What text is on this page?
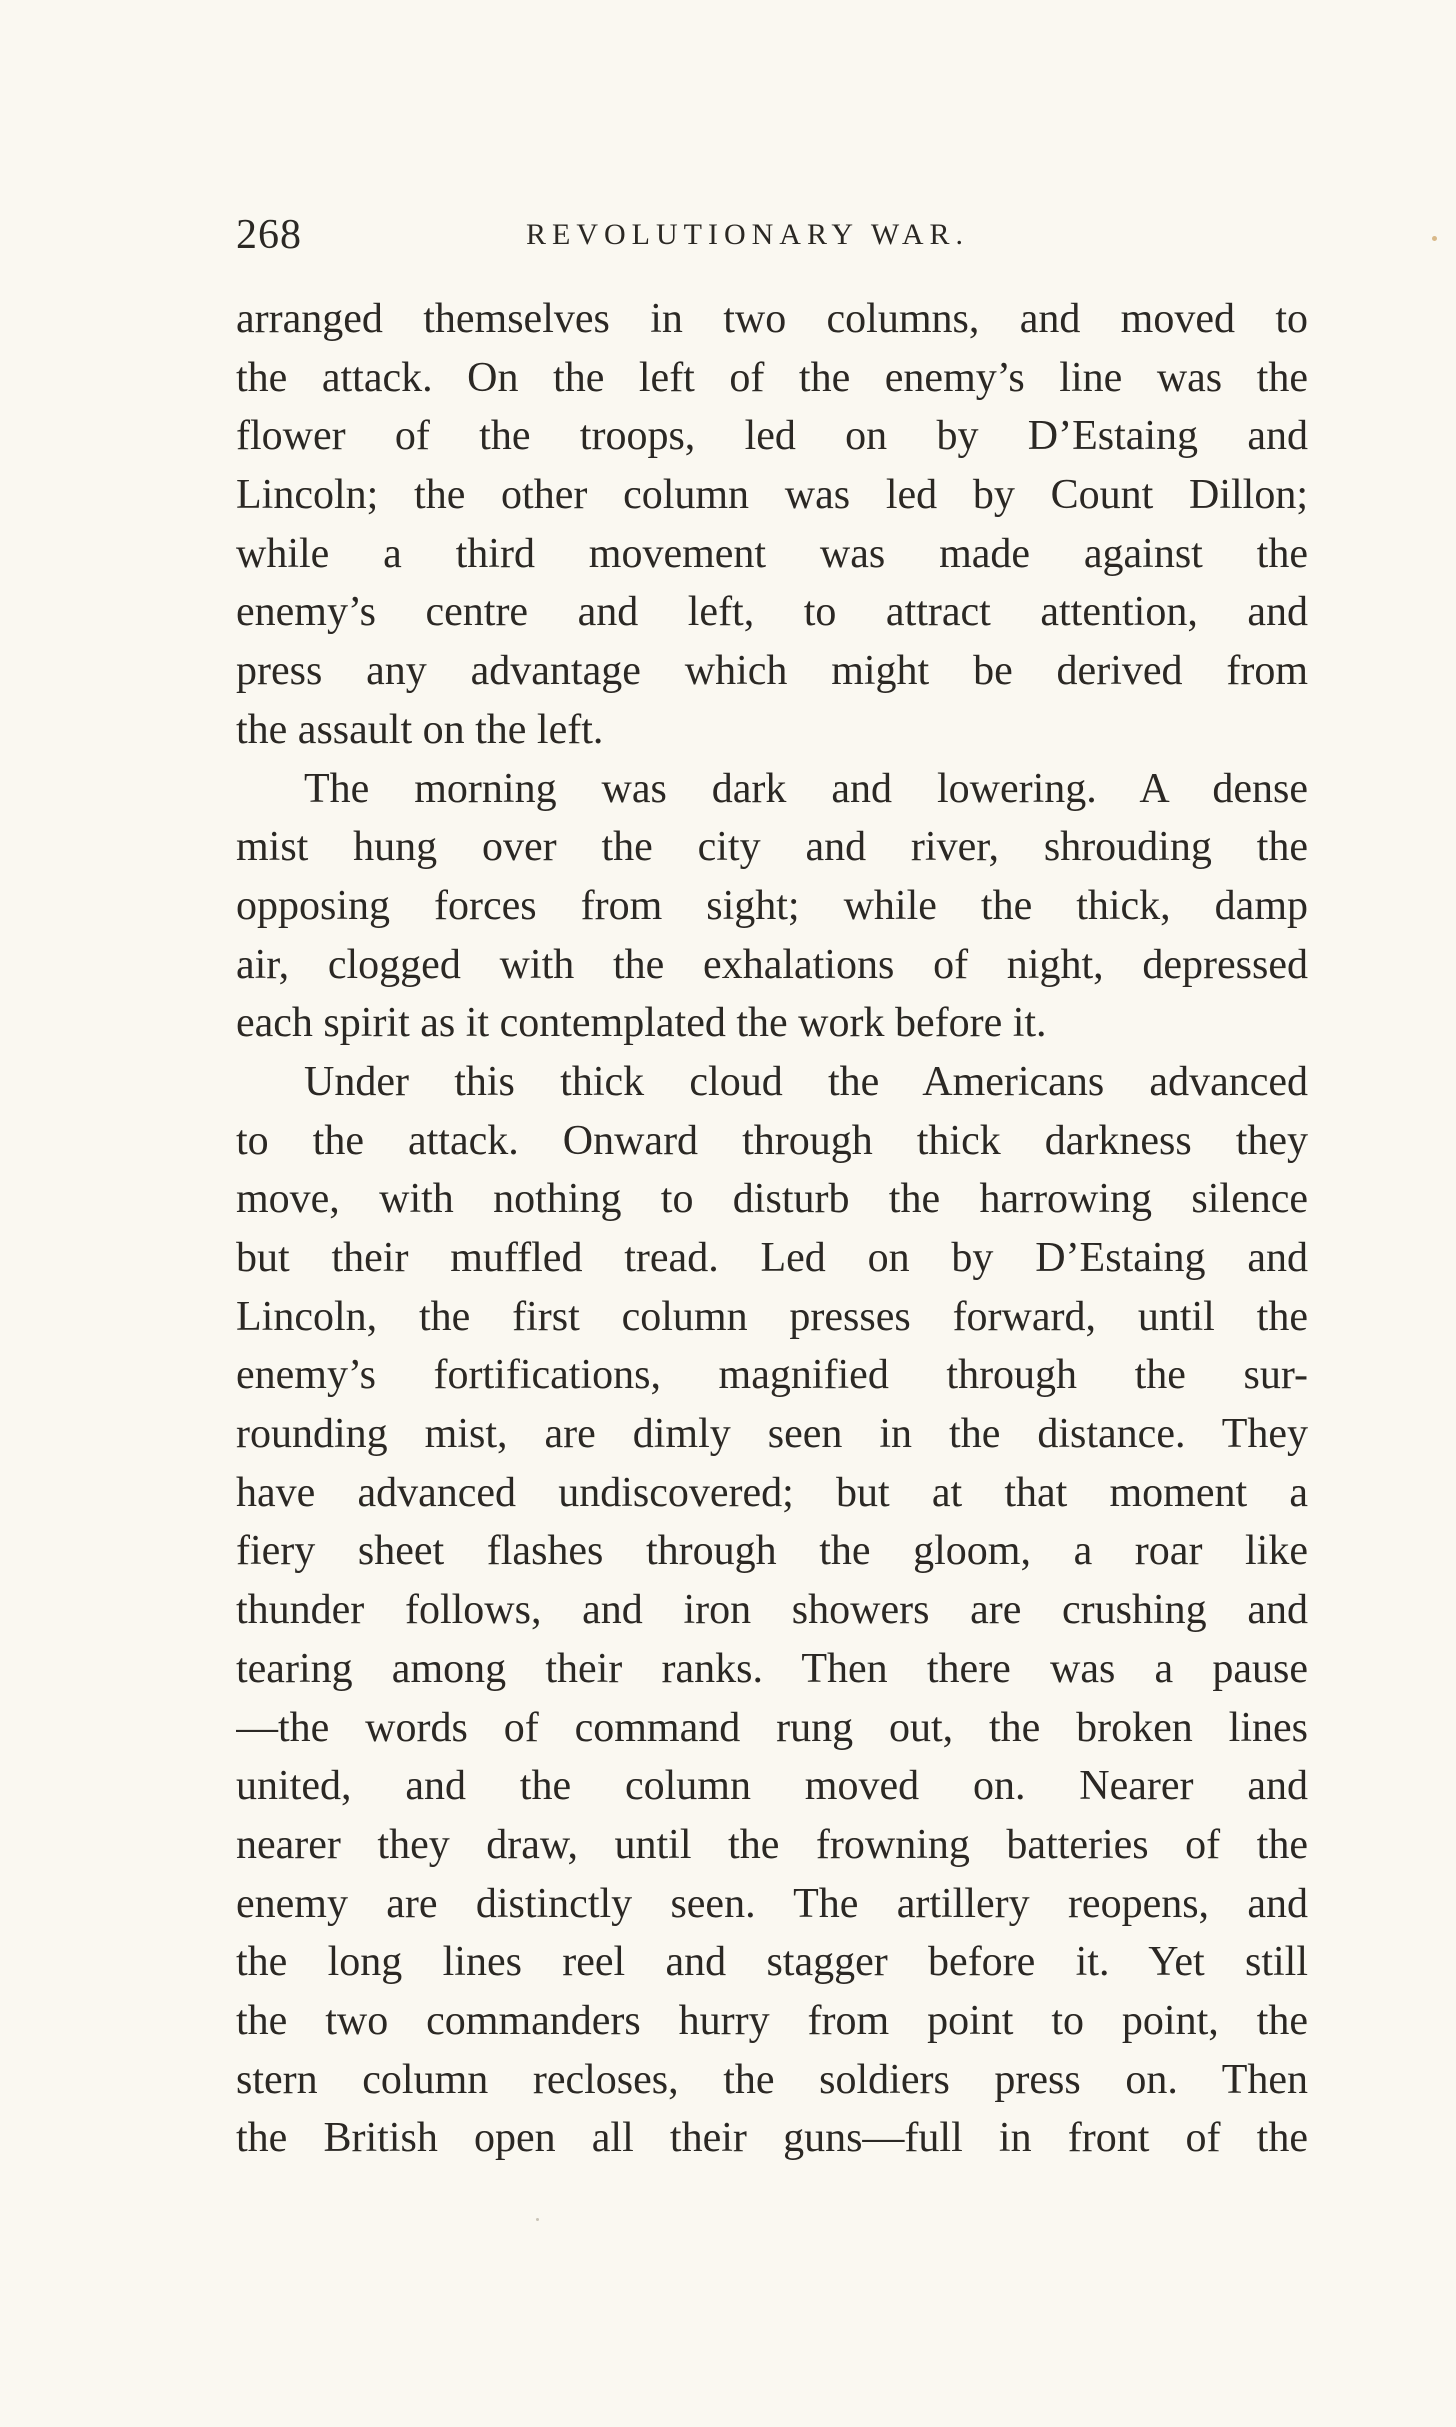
268	REVOLUTIONARY WAR.
arranged themselves in two columns, and moved to
the attack. On the left of the enemy’s line was the
flower of the troops, led on by D’Estaing and
Lincoln; the other column was led by Count Dillon;
while a third movement was made against the
enemy’s centre and left, to attract attention, and
press any advantage which might be derived from
the assault on the left.
The morning was dark and lowering. A dense
mist hung over the city and river, shrouding the
opposing forces from sight; while the thick, damp
air, clogged with the exhalations of night, depressed
each spirit as it contemplated the work before it.
Under this thick cloud the Americans advanced
to the attack. Onward through thick darkness they
move, with nothing to disturb the harrowing silence
but their muffled tread. Led on by D’Estaing and
Lincoln, the first column presses forward, until the
enemy’s fortifications, magnified through the sur-
rounding mist, are dimly seen in the distance. They
have advanced undiscovered; but at that moment a
fiery sheet flashes through the gloom, a roar like
thunder follows, and iron showers are crushing and
tearing among their ranks. Then there was a pause
—the words of command rung out, the broken lines
united, and the column moved on. Nearer and
nearer they draw, until the frowning batteries of the
enemy are distinctly seen. The artillery reopens, and
the long lines reel and stagger before it. Yet still
the two commanders hurry from point to point, the
stern column recloses, the soldiers press on. Then
the British open all their guns—full in front of the
